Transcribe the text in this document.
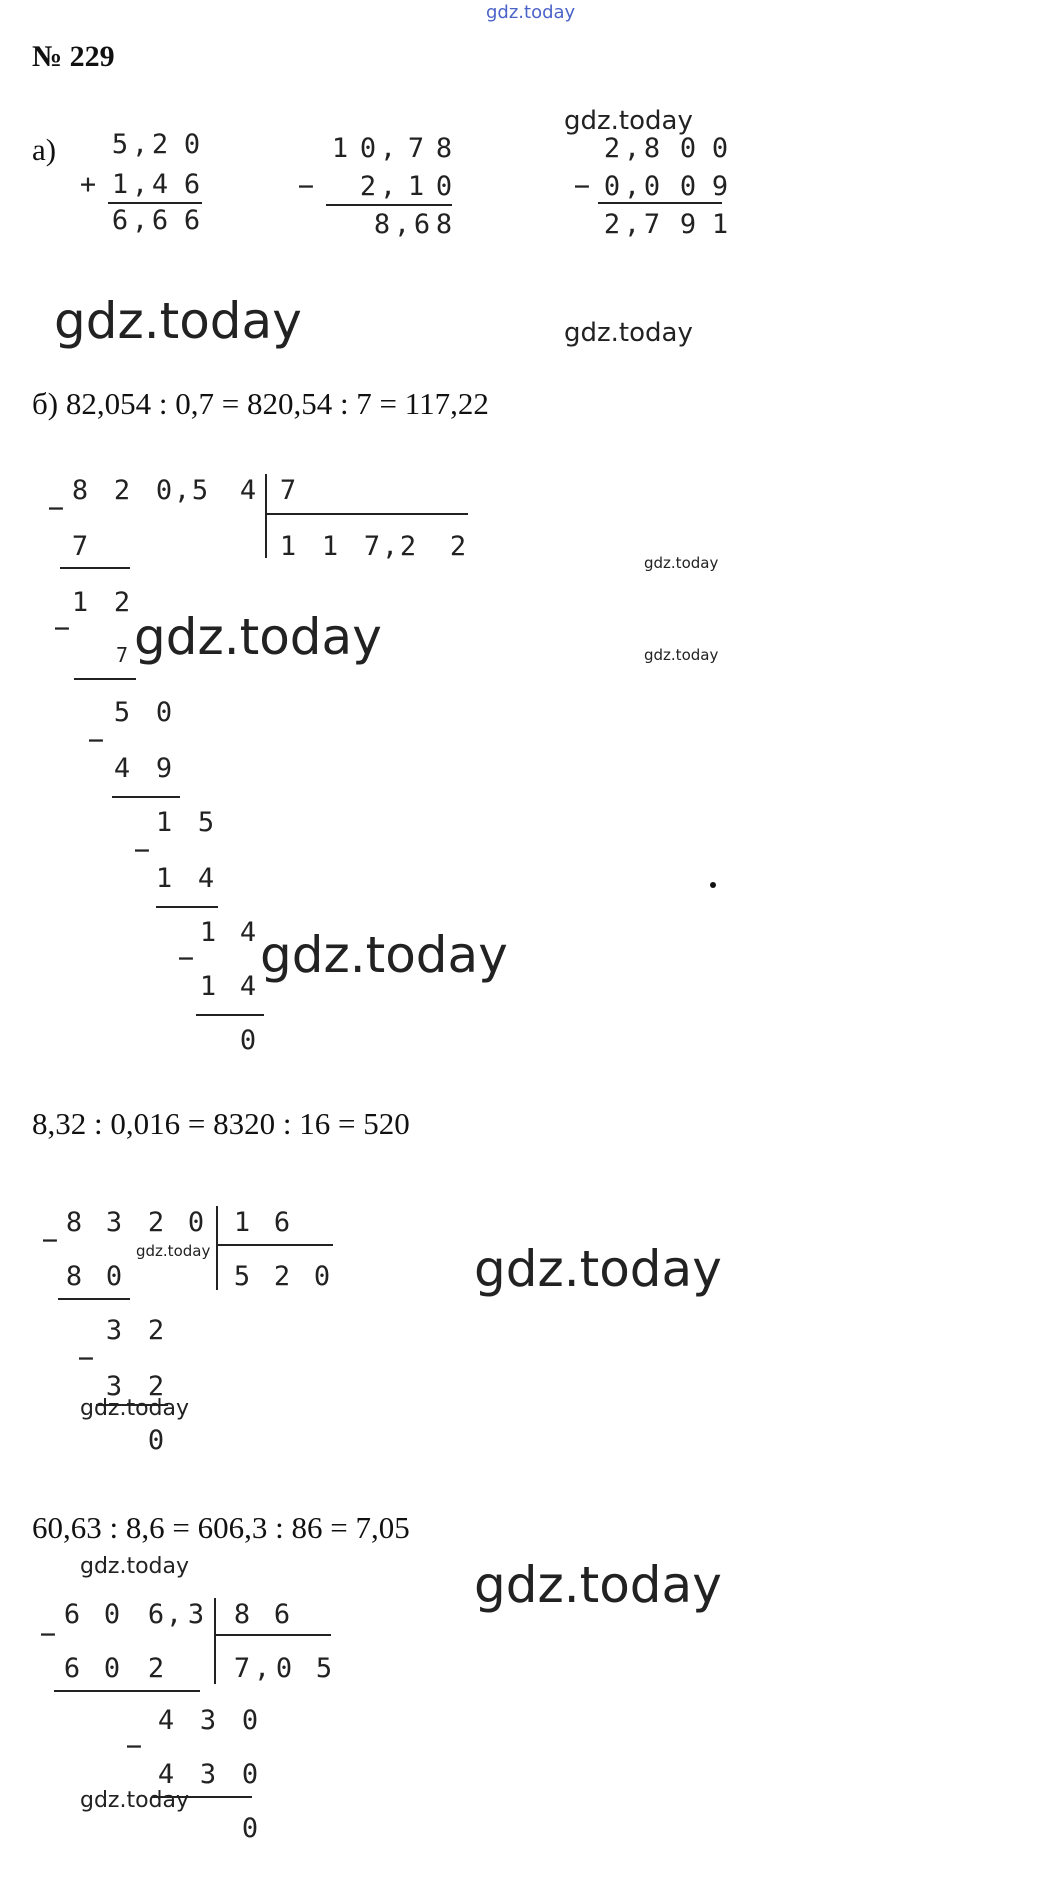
gdz.today
№ 229
а) 5 , 2 0
+ 1 , 4 6
6 , 6 6
1 0 , 7 8
− 2 , 1 0
8 , 6 8
2 , 8 0 0
− 0 , 0 0 9
2 , 7 9 1
б) 82,054 : 0,7 = 820,54 : 7 = 117,22
−
8 2 0 , 5 4 7
1 1 7 , 2 2
7
1 2
−
7
5 0
−
4 9
1 5
−
1 4
1 4
−
1 4
0
8,32 : 0,016 = 8320 : 16 = 520
−
8 3 2 0 1 6
5 2 0
8 0
3 2
−
3 2
0
60,63 : 8,6 = 606,3 : 86 = 7,05
−
6 0 6 , 3 8 6
7 , 0 5
6 0 2
4 3 0
−
4 3 0
0
gdz.today
gdz.today	gdz.today
gdz.today
gdz.today	gdz.today
gdz.today
gdz.today	gdz.today
gdz.today
gdz.today	gdz.today
gdz.today
